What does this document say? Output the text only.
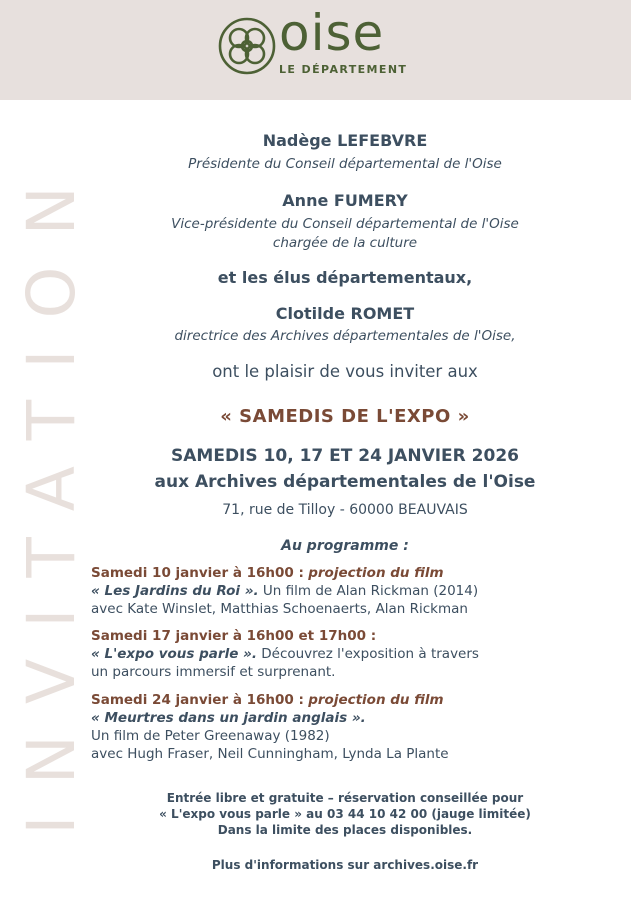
oise
LE DÉPARTEMENT
INVITATION
Nadège LEFEBVRE
Présidente du Conseil départemental de l'Oise
Anne FUMERY
Vice-présidente du Conseil départemental de l'Oise
chargée de la culture
et les élus départementaux,
Clotilde ROMET
directrice des Archives départementales de l'Oise,
ont le plaisir de vous inviter aux
« SAMEDIS DE L'EXPO »
SAMEDIS 10, 17 ET 24 JANVIER 2026
aux Archives départementales de l'Oise
71, rue de Tilloy - 60000 BEAUVAIS
Au programme :
Samedi 10 janvier à 16h00 : projection du film
« Les Jardins du Roi ». Un film de Alan Rickman (2014)
avec Kate Winslet, Matthias Schoenaerts, Alan Rickman
Samedi 17 janvier à 16h00 et 17h00 :
« L'expo vous parle ». Découvrez l'exposition à travers
un parcours immersif et surprenant.
Samedi 24 janvier à 16h00 : projection du film
« Meurtres dans un jardin anglais ».
Un film de Peter Greenaway (1982)
avec Hugh Fraser, Neil Cunningham, Lynda La Plante
Entrée libre et gratuite – réservation conseillée pour
« L'expo vous parle » au 03 44 10 42 00 (jauge limitée)
Dans la limite des places disponibles.
Plus d'informations sur archives.oise.fr
